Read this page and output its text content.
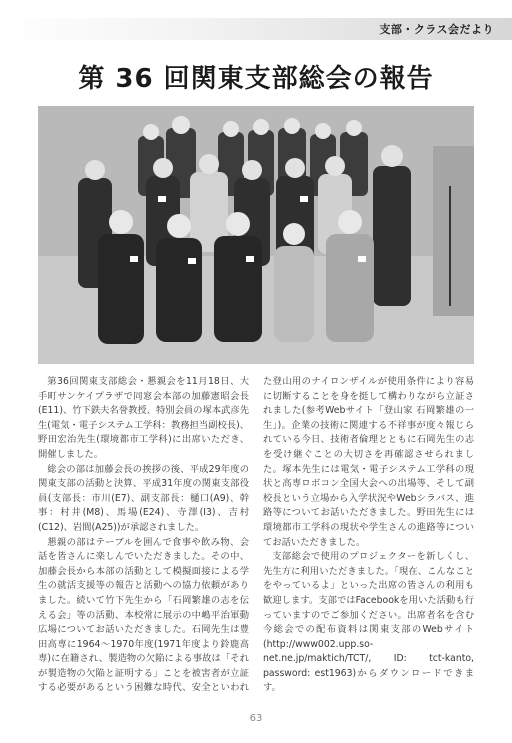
支部・クラス会だより
第 36 回関東支部総会の報告

第36回関東支部総会・懇親会を11月18日、大手町サンケイプラザで同窓会本部の加藤憲昭会長(E11)、竹下鉄夫名誉教授、特別会員の塚本武彦先生(電気・電子システム工学科：教務担当副校長)、野田宏治先生(環境都市工学科)に出席いただき、開催しました。

総会の部は加藤会長の挨拶の後、平成29年度の関東支部の活動と決算、平成31年度の関東支部役員(支部長：市川(E7)、副支部長：樋口(A9)、幹事：村井(M8)、馬場(E24)、寺澤(I3)、吉村(C12)、岩間(A25))が承認されました。

懇親の部はテーブルを囲んで食事や飲み物、会話を皆さんに楽しんでいただきました。その中、加藤会長から本部の活動として模擬面接による学生の就活支援等の報告と活動への協力依頼がありました。続いて竹下先生から「石岡繁雄の志を伝える会」等の活動、本校常に展示の中嶋平治軍動広場についてお話いただきました。石岡先生は豊田高専に1964～1970年度(1971年度より鈴鹿高専)に在籍され、製造物の欠陥による事故は「それが製造物の欠陥と証明する」ことを被害者が立証する必要があるという困難な時代、安全といわれた登山用のナイロンザイルが使用条件により容易に切断することを身を挺して構わりながら立証されました(参考Webサイト「登山家 石岡繁雄の一生」)。企業の技術に関連する不祥事が度々報じられている今日、技術者倫理とともに石岡先生の志を受け継ぐことの大切さを再確認させられました。塚本先生には電気・電子システム工学科の現状と高専ロボコン全国大会への出場等、そして副校長という立場から入学状況やWebシラバス、進路等についてお話いただきました。野田先生には環境都市工学科の現状や学生さんの進路等についてお話いただきました。

支部総会で使用のプロジェクターを新しくし、先生方に利用いただきました。「現在、こんなことをやっているよ」といった出席の皆さんの利用も歓迎します。支部ではFacebookを用いた活動も行っていますのでご参加ください。出席者名を含む今総会での配布資料は関東支部のWebサイト(http://www002.upp.so-net.ne.jp/maktich/TCT/, ID: tct-kanto, password: est1963)からダウンロードできます。

63
